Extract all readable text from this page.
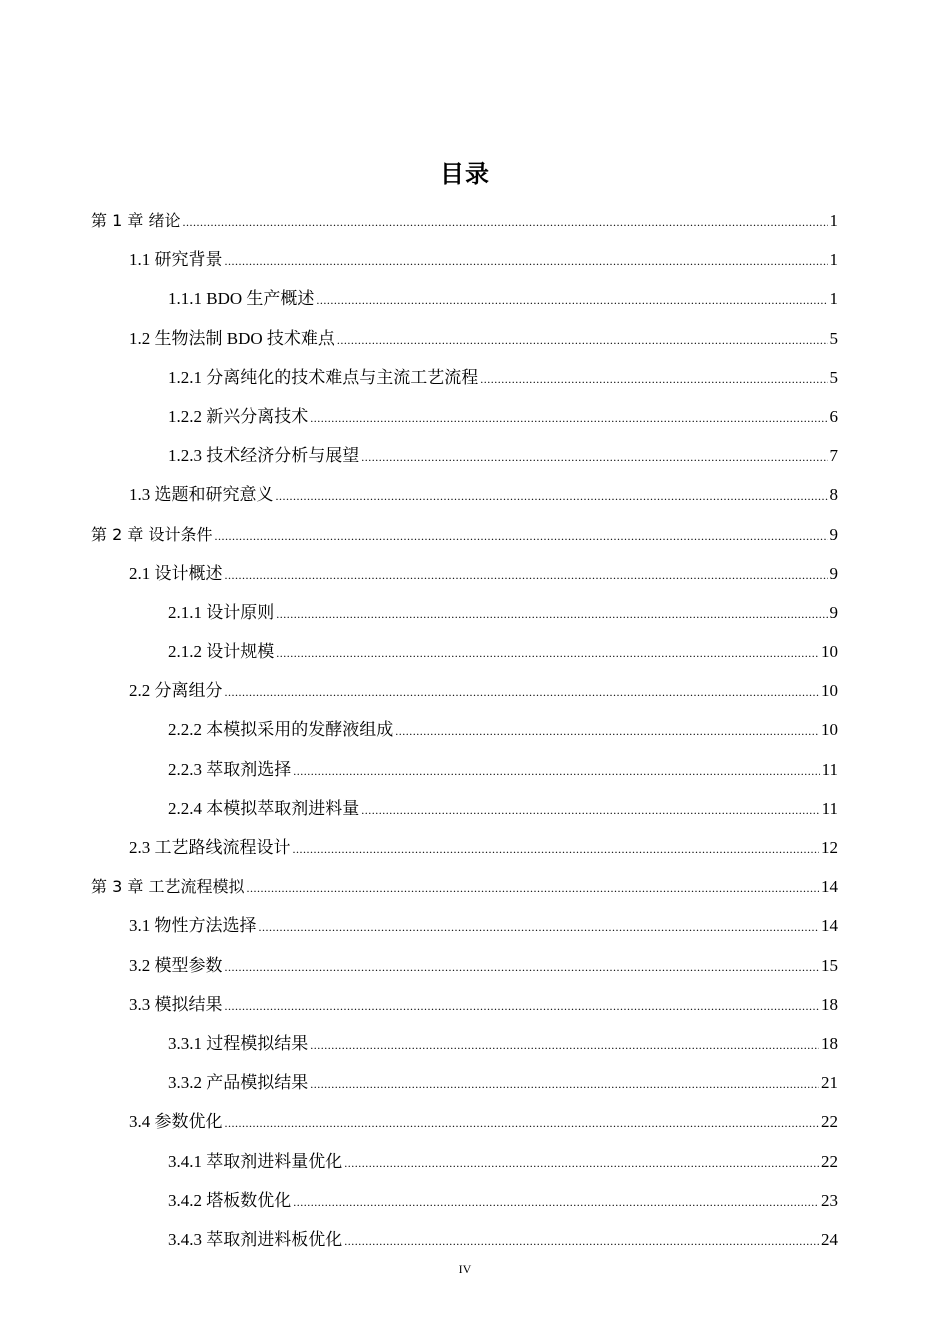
目录
第 1 章 绪论 .....	1
1.1 研究背景 .....	1
1.1.1 BDO 生产概述 .....	1
1.2 生物法制 BDO 技术难点 .....	5
1.2.1 分离纯化的技术难点与主流工艺流程 .....	5
1.2.2 新兴分离技术 .....	6
1.2.3 技术经济分析与展望 .....	7
1.3 选题和研究意义 .....	8
第 2 章 设计条件 .....	9
2.1 设计概述 .....	9
2.1.1 设计原则 .....	9
2.1.2 设计规模 .....	10
2.2 分离组分 .....	10
2.2.2 本模拟采用的发酵液组成 .....	10
2.2.3 萃取剂选择 .....	11
2.2.4 本模拟萃取剂进料量 .....	11
2.3 工艺路线流程设计 .....	12
第 3 章 工艺流程模拟 .....	14
3.1 物性方法选择 .....	14
3.2 模型参数 .....	15
3.3 模拟结果 .....	18
3.3.1 过程模拟结果 .....	18
3.3.2 产品模拟结果 .....	21
3.4 参数优化 .....	22
3.4.1 萃取剂进料量优化 .....	22
3.4.2 塔板数优化 .....	23
3.4.3 萃取剂进料板优化 .....	24
IV
